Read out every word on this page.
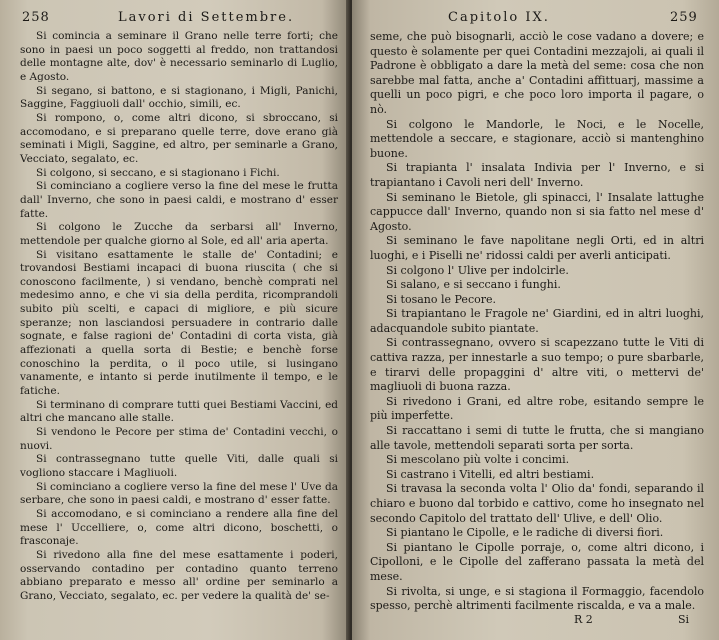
258	Lavori di Settembre.

Si comincia a seminare il Grano nelle terre forti; che sono in paesi un poco soggetti al freddo, non trattandosi delle montagne alte, dov' è necessario seminarlo di Luglio, e Agosto.

Si segano, si battono, e si stagionano, i Migli, Panichi, Saggine, Faggiuoli dall' occhio, simili, ec.

Si rompono, o, come altri dicono, si sbroccano, si accomodano, e si preparano quelle terre, dove erano già seminati i Migli, Saggine, ed altro, per seminarle a Grano, Vecciato, segalato, ec.

Si colgono, si seccano, e si stagionano i Fichi.

Si cominciano a cogliere verso la fine del mese le frutta dall' Inverno, che sono in paesi caldi, e mostrano d' esser fatte.

Si colgono le Zucche da serbarsi all' Inverno, mettendole per qualche giorno al Sole, ed all' aria aperta.

Si visitano esattamente le stalle de' Contadini; e trovandosi Bestiami incapaci di buona riuscita ( che si conoscono facilmente, ) si vendano, benchè comprati nel medesimo anno, e che vi sia della perdita, ricomprandoli subito più scelti, e capaci di migliore, e più sicure speranze; non lasciandosi persuadere in contrario dalle sognate, e false ragioni de' Contadini di corta vista, già affezionati a quella sorta di Bestie; e benchè forse conoschino la perdita, o il poco utile, si lusingano vanamente, e intanto si perde inutilmente il tempo, e le fatiche.

Si terminano di comprare tutti quei Bestiami Vaccini, ed altri che mancano alle stalle.

Si vendono le Pecore per stima de' Contadini vecchi, o nuovi.

Si contrassegnano tutte quelle Viti, dalle quali si vogliono staccare i Magliuoli.

Si cominciano a cogliere verso la fine del mese l' Uve da serbare, che sono in paesi caldi, e mostrano d' esser fatte.

Si accomodano, e si cominciano a rendere alla fine del mese l' Uccelliere, o, come altri dicono, boschetti, o frasconaje.

Si rivedono alla fine del mese esattamente i poderi, osservando contadino per contadino quanto terreno abbiano preparato e messo all' ordine per seminarlo a Grano, Vecciato, segalato, ec. per vedere la qualità de' se-

Capitolo IX.	259

seme, che può bisognarli, acciò le cose vadano a dovere; e questo è solamente per quei Contadini mezzajoli, ai quali il Padrone è obbligato a dare la metà del seme: cosa che non sarebbe mal fatta, anche a' Contadini affittuarj, massime a quelli un poco pigri, e che poco loro importa il pagare, o nò.

Si colgono le Mandorle, le Noci, e le Nocelle, mettendole a seccare, e stagionare, acciò si mantenghino buone.

Si trapianta l' insalata Indivia per l' Inverno, e si trapiantano i Cavoli neri dell' Inverno.

Si seminano le Bietole, gli spinacci, l' Insalate lattughe cappucce dall' Inverno, quando non si sia fatto nel mese d' Agosto.

Si seminano le fave napolitane negli Orti, ed in altri luoghi, e i Piselli ne' ridossi caldi per averli anticipati.

Si colgono l' Ulive per indolcirle.

Si salano, e si seccano i funghi.

Si tosano le Pecore.

Si trapiantano le Fragole ne' Giardini, ed in altri luoghi, adacquandole subito piantate.

Si contrassegnano, ovvero si scapezzano tutte le Viti di cattiva razza, per innestarle a suo tempo; o pure sbarbarle, e tirarvi delle propaggini d' altre viti, o mettervi de' magliuoli di buona razza.

Si rivedono i Grani, ed altre robe, esitando sempre le più imperfette.

Si raccattano i semi di tutte le frutta, che si mangiano alle tavole, mettendoli separati sorta per sorta.

Si mescolano più volte i concimi.

Si castrano i Vitelli, ed altri bestiami.

Si travasa la seconda volta l' Olio da' fondi, separando il chiaro e buono dal torbido e cattivo, come ho insegnato nel secondo Capitolo del trattato dell' Ulive, e dell' Olio.

Si piantano le Cipolle, e le radiche di diversi fiori.

Si piantano le Cipolle porraje, o, come altri dicono, i Cipolloni, e le Cipolle del zafferano passata la metà del mese.

Si rivolta, si unge, e si stagiona il Formaggio, facendolo spesso, perchè altrimenti facilmente riscalda, e va a male.

R 2	Si
